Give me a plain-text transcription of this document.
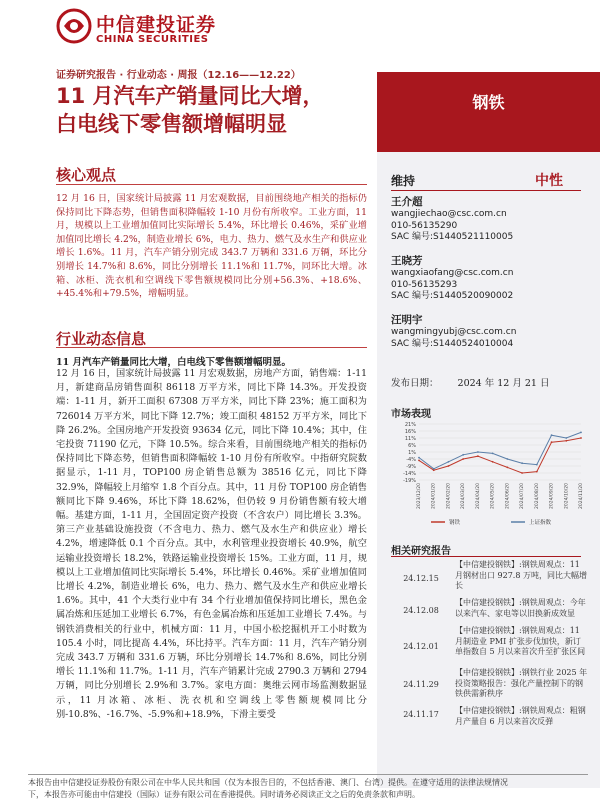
中信建投证券
CHINA SECURITIES
证券研究报告 · 行业动态 · 周报（12.16——12.22）
11 月汽车产销量同比大增，
白电线下零售额增幅明显
钢铁
维持	中性
王介超
wangjiechao@csc.com.cn
010-56135290
SAC 编号:S1440521110005
王晓芳
wangxiaofang@csc.com.cn
010-56135293
SAC 编号:S1440520090002
汪明宇
wangmingyubj@csc.com.cn
SAC 编号:S1440524010004
发布日期： 2024 年 12 月 21 日
市场表现
21%
16%
11%
6%
1%
-4%
-9%
-14%
-19%
2023/12/20 2024/01/20 2024/02/20 2024/03/20 2024/04/20 2024/05/20 2024/06/20 2024/07/20 2024/08/20 2024/09/20 2024/10/20 2024/11/20
钢铁	上证指数
相关研究报告
24.12.15
【中信建投钢铁】:钢铁周观点：11 月钢材出口 927.8 万吨，同比大幅增长
24.12.08
【中信建投钢铁】:钢铁周观点：今年以来汽车、家电等以旧换新成效显
24.12.01
【中信建投钢铁】:钢铁周观点：11 月制造业 PMI 扩张步伐加快，新订单指数自 5 月以来首次升至扩张区间
24.11.29
【中信建投钢铁】:钢铁行业 2025 年投资策略报告：强化产量控制下的钢铁供需新秩序
24.11.17	【中信建投钢铁】:钢铁周观点：粗钢月产量自 6 月以来首次反弹
核心观点
12 月 16 日，国家统计局披露 11 月宏观数据，目前围绕地产相关的指标仍保持同比下降态势，但销售面积降幅较 1-10 月份有所收窄。工业方面，11 月，规模以上工业增加值同比实际增长 5.4%，环比增长 0.46%，采矿业增加值同比增长 4.2%，制造业增长 6%，电力、热力、燃气及水生产和供应业增长 1.6%。11 月，汽车产销分别完成 343.7 万辆和 331.6 万辆，环比分别增长 14.7%和 8.6%，同比分别增长 11.1%和 11.7%，同环比大增。冰箱、冰柜、洗衣机和空调线下零售额规模同比分别+56.3%、+18.6%、+45.4%和+79.5%，增幅明显。
行业动态信息
11 月汽车产销量同比大增，白电线下零售额增幅明显。
12 月 16 日，国家统计局披露 11 月宏观数据，房地产方面，销售端：1-11 月，新建商品房销售面积 86118 万平方米，同比下降 14.3%。开发投资端：1-11 月，新开工面积 67308 万平方米，同比下降 23%；施工面积为 726014 万平方米，同比下降 12.7%；竣工面积 48152 万平方米，同比下降 26.2%。全国房地产开发投资 93634 亿元，同比下降 10.4%；其中，住宅投资 71190 亿元，下降 10.5%。综合来看，目前围绕地产相关的指标仍保持同比下降态势，但销售面积降幅较 1-10 月份有所收窄。中指研究院数据显示，1-11 月，TOP100 房企销售总额为 38516 亿元，同比下降 32.9%，降幅较上月缩窄 1.8 个百分点。其中，11 月份 TOP100 房企销售额同比下降 9.46%，环比下降 18.62%，但仍较 9 月份销售额有较大增幅。基建方面，1-11 月，全国固定资产投资（不含农户）同比增长 3.3%。第三产业基础设施投资（不含电力、热力、燃气及水生产和供应业）增长 4.2%，增速降低 0.1 个百分点。其中，水利管理业投资增长 40.9%，航空运输业投资增长 18.2%，铁路运输业投资增长 15%。工业方面，11 月，规模以上工业增加值同比实际增长 5.4%，环比增长 0.46%。采矿业增加值同比增长 4.2%，制造业增长 6%，电力、热力、燃气及水生产和供应业增长 1.6%。其中，41 个大类行业中有 34 个行业增加值保持同比增长，黑色金属冶炼和压延加工业增长 6.7%，有色金属冶炼和压延加工业增长 7.4%。与钢铁消费相关的行业中，机械方面：11 月，中国小松挖掘机开工小时数为 105.4 小时，同比提高 4.4%，环比持平。汽车方面：11 月，汽车产销分别完成 343.7 万辆和 331.6 万辆，环比分别增长 14.7%和 8.6%，同比分别增长 11.1%和 11.7%。1-11 月，汽车产销累计完成 2790.3 万辆和 2794 万辆，同比分别增长 2.9%和 3.7%。家电方面：奥维云网市场监测数据显示，11 月冰箱、冰柜、洗衣机和空调线上零售额规模同比分别-10.8%、-16.7%、-5.9%和+18.9%，下滑主要受
本报告由中信建投证券股份有限公司在中华人民共和国（仅为本报告目的，不包括香港、澳门、台湾）提供。在遵守适用的法律法规情况
下，本报告亦可能由中信建投（国际）证券有限公司在香港提供。同时请务必阅读正文之后的免责条款和声明。
